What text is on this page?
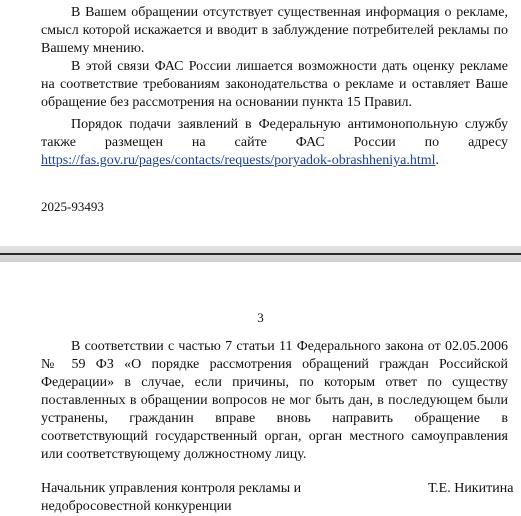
В Вашем обращении отсутствует существенная информация о рекламе, смысл которой искажается и вводит в заблуждение потребителей рекламы по Вашему мнению.

В этой связи ФАС России лишается возможности дать оценку рекламе на соответствие требованиям законодательства о рекламе и оставляет Ваше обращение без рассмотрения на основании пункта 15 Правил.

Порядок подачи заявлений в Федеральную антимонопольную службу также размещен на сайте ФАС России по адресу https://fas.gov.ru/pages/contacts/requests/poryadok-obrashheniya.html.

2025-93493
3

В соответствии с частью 7 статьи 11 Федерального закона от 02.05.2006 № 59 ФЗ «О порядке рассмотрения обращений граждан Российской Федерации» в случае, если причины, по которым ответ по существу поставленных в обращении вопросов не мог быть дан, в последующем были устранены, гражданин вправе вновь направить обращение в соответствующий государственный орган, орган местного самоуправления или соответствующему должностному лицу.

Начальник управления контроля рекламы и

недобросовестной конкуренции

Т.Е. Никитина
